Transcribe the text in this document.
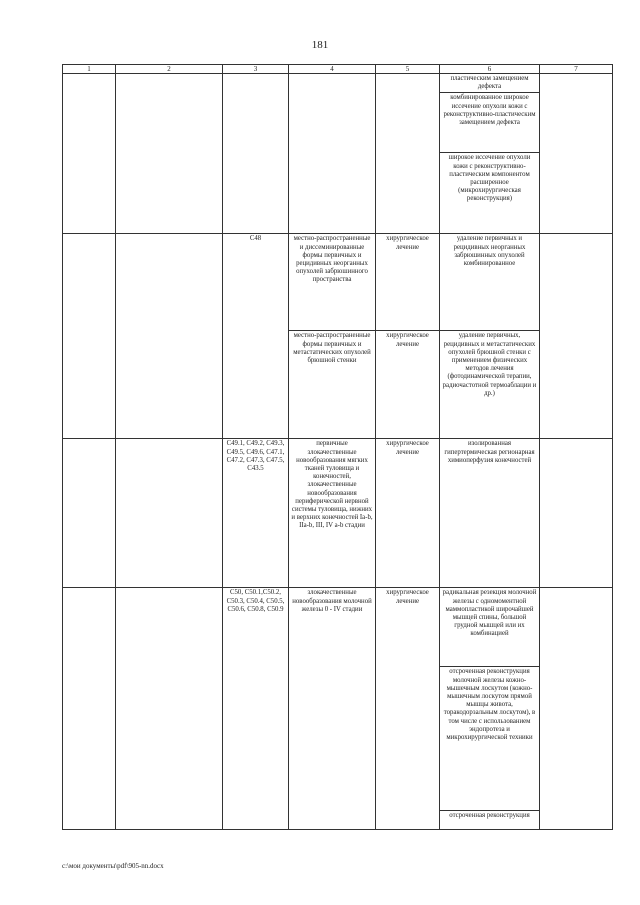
181
1	2	3	4	5	6	7
					пластическим замещением дефекта	
					комбинированное широкое иссечение опухоли кожи с реконструктивно-пластическим замещением дефекта	
					широкое иссечение опухоли кожи с реконструктивно-пластическим компонентом расширенное (микрохирургическая реконструкция)	
		С48	местно-распространенные и диссеминированные формы первичных и рецидивных неорганных опухолей забрюшинного пространства	хирургическое лечение	удаление первичных и рецидивных неорганных забрюшинных опухолей комбинированное	
			местно-распространенные формы первичных и метастатических опухолей брюшной стенки	хирургическое лечение	удаление первичных, рецидивных и метастатических опухолей брюшной стенки с применением физических методов лечения (фотодинамической терапии, радиочастотной термоаблации и др.)	
		С49.1, С49.2, С49.3, С49.5, С49.6, С47.1, С47.2, С47.3, С47.5, С43.5	первичные злокачественные новообразования мягких тканей туловища и конечностей, злокачественные новообразования периферической нервной системы туловища, нижних и верхних конечностей Ia-b, IIa-b, III, IV a-b стадии	хирургическое лечение	изолированная гипертермическая регионарная химиоперфузия конечностей	
		С50, С50.1,С50.2, С50.3, С50.4, С50.5, С50.6, С50.8, С50.9	злокачественные новообразования молочной железы 0 - IV стадии	хирургическое лечение	радикальная резекция молочной железы с одномоментной маммопластикой широчайшей мышцей спины, большой грудной мышцей или их комбинацией	
					отсроченная реконструкция молочной железы кожно-мышечным лоскутом (кожно-мышечным лоскутом прямой мышцы живота, торакодорзальным лоскутом), в том числе с использованием эндопротеза и микрохирургической техники	
					отсроченная реконструкция	
c:\мои документы\pdf\905-nn.docx
